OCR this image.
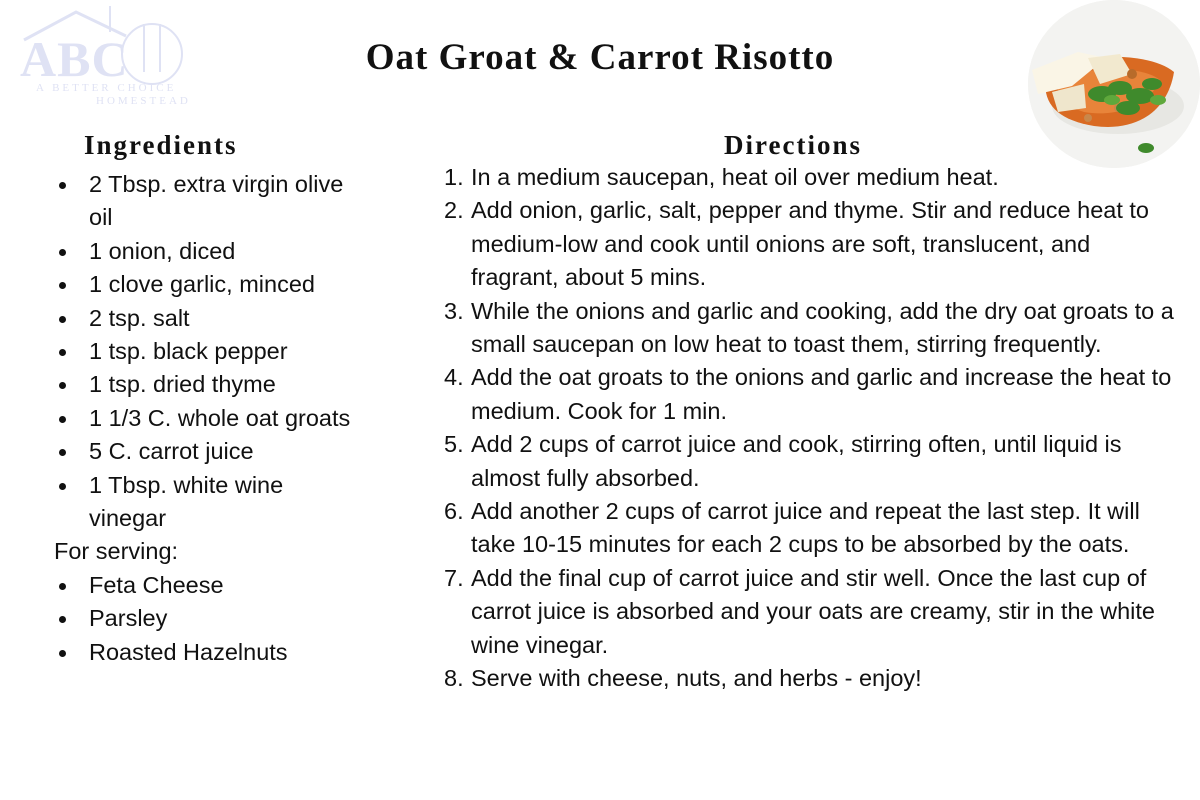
ABC
A BETTER CHOICE
HOMESTEAD
Oat Groat & Carrot Risotto
Ingredients	Directions
2 Tbsp. extra virgin olive oil
1 onion, diced
1 clove garlic, minced
2 tsp. salt
1 tsp. black pepper
1 tsp. dried thyme
1 1/3 C. whole oat groats
5 C. carrot juice
1 Tbsp. white wine vinegar
For serving:
Feta Cheese
Parsley
Roasted Hazelnuts
1. In a medium saucepan, heat oil over medium heat.
2. Add onion, garlic, salt, pepper and thyme. Stir and reduce heat to medium-low and cook until onions are soft, translucent, and fragrant, about 5 mins.
3. While the onions and garlic and cooking, add the dry oat groats to a small saucepan on low heat to toast them, stirring frequently.
4. Add the oat groats to the onions and garlic and increase the heat to medium. Cook for 1 min.
5. Add 2 cups of carrot juice and cook, stirring often, until liquid is almost fully absorbed.
6. Add another 2 cups of carrot juice and repeat the last step. It will take 10-15 minutes for each 2 cups to be absorbed by the oats.
7. Add the final cup of carrot juice and stir well. Once the last cup of carrot juice is absorbed and your oats are creamy, stir in the white wine vinegar.
8. Serve with cheese, nuts, and herbs - enjoy!
